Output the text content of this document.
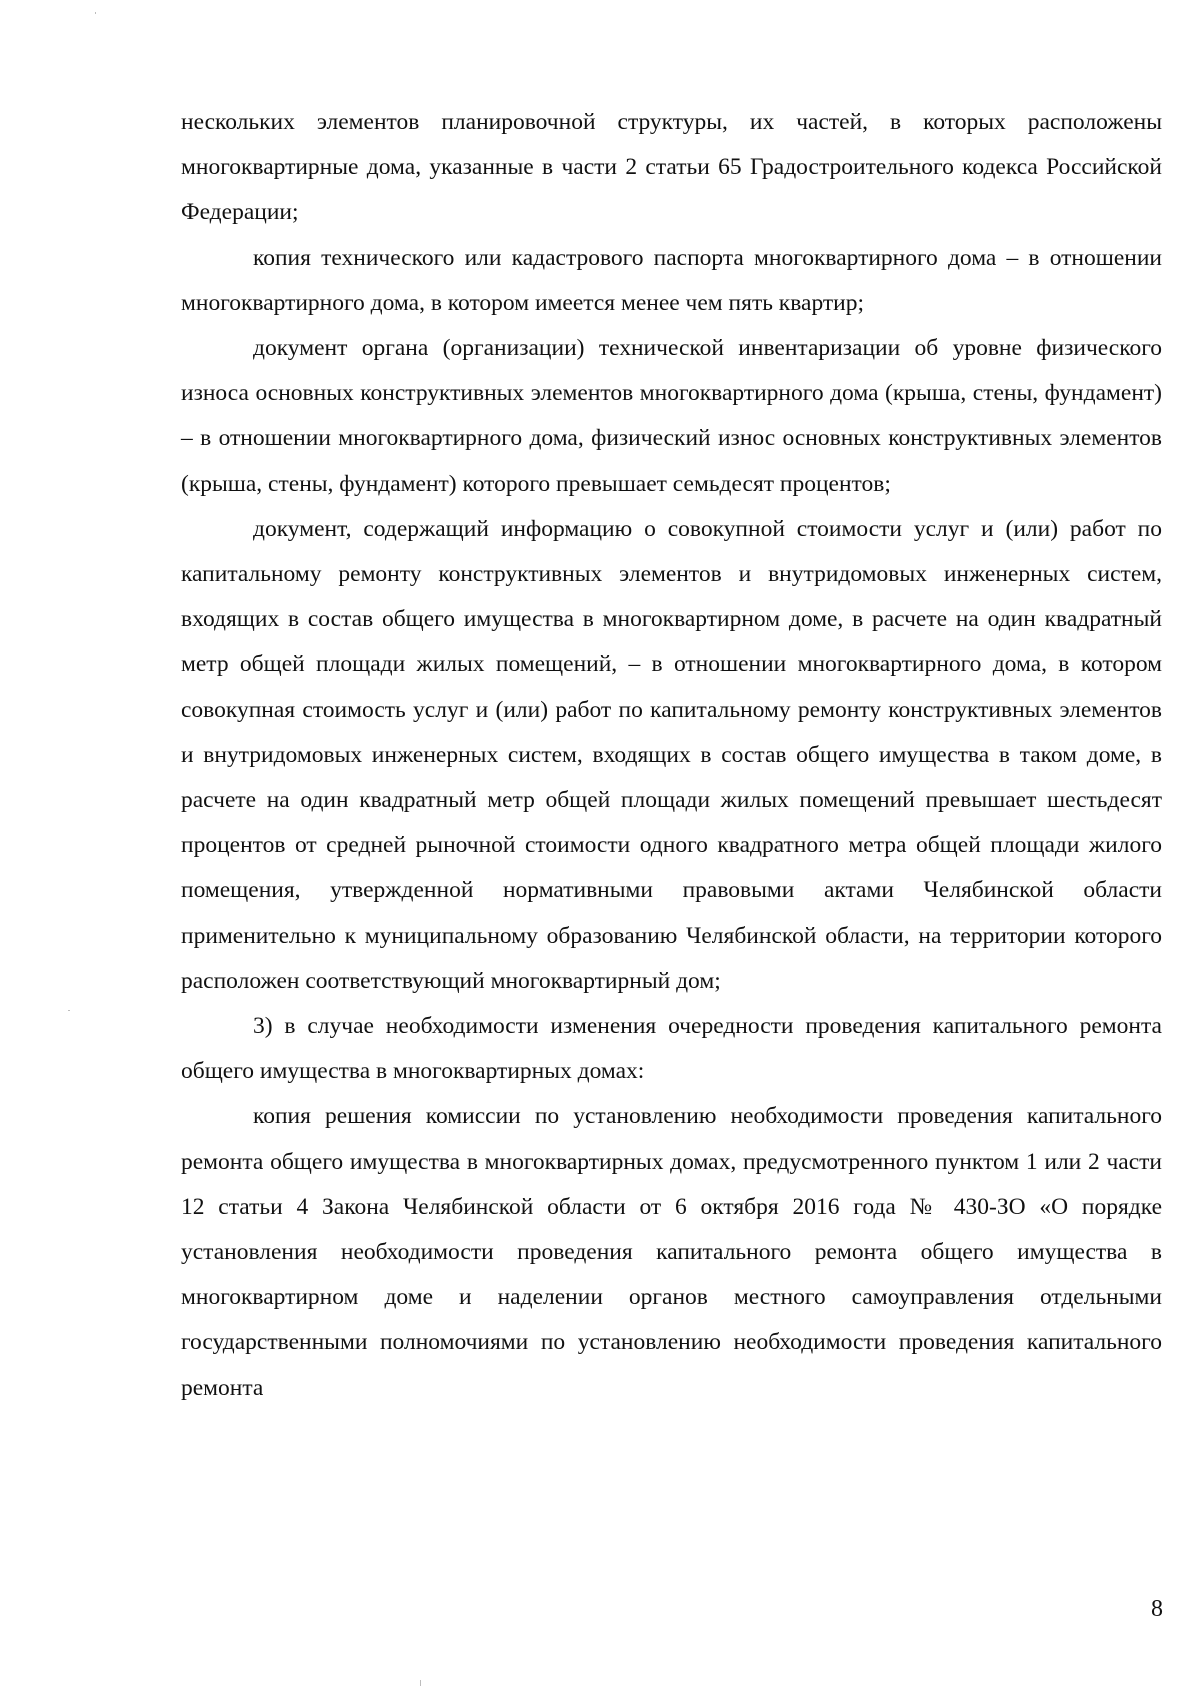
нескольких элементов планировочной структуры, их частей, в которых расположены многоквартирные дома, указанные в части 2 статьи 65 Градостроительного кодекса Российской Федерации;

копия технического или кадастрового паспорта многоквартирного дома – в отношении многоквартирного дома, в котором имеется менее чем пять квартир;

документ органа (организации) технической инвентаризации об уровне физического износа основных конструктивных элементов многоквартирного дома (крыша, стены, фундамент) – в отношении многоквартирного дома, физический износ основных конструктивных элементов (крыша, стены, фундамент) которого превышает семьдесят процентов;

документ, содержащий информацию о совокупной стоимости услуг и (или) работ по капитальному ремонту конструктивных элементов и внутридомовых инженерных систем, входящих в состав общего имущества в многоквартирном доме, в расчете на один квадратный метр общей площади жилых помещений, – в отношении многоквартирного дома, в котором совокупная стоимость услуг и (или) работ по капитальному ремонту конструктивных элементов и внутридомовых инженерных систем, входящих в состав общего имущества в таком доме, в расчете на один квадратный метр общей площади жилых помещений превышает шестьдесят процентов от средней рыночной стоимости одного квадратного метра общей площади жилого помещения, утвержденной нормативными правовыми актами Челябинской области применительно к муниципальному образованию Челябинской области, на территории которого расположен соответствующий многоквартирный дом;

3) в случае необходимости изменения очередности проведения капитального ремонта общего имущества в многоквартирных домах:

копия решения комиссии по установлению необходимости проведения капитального ремонта общего имущества в многоквартирных домах, предусмотренного пунктом 1 или 2 части 12 статьи 4 Закона Челябинской области от 6 октября 2016 года № 430-ЗО «О порядке установления необходимости проведения капитального ремонта общего имущества в многоквартирном доме и наделении органов местного самоуправления отдельными государственными полномочиями по установлению необходимости проведения капитального ремонта

8
